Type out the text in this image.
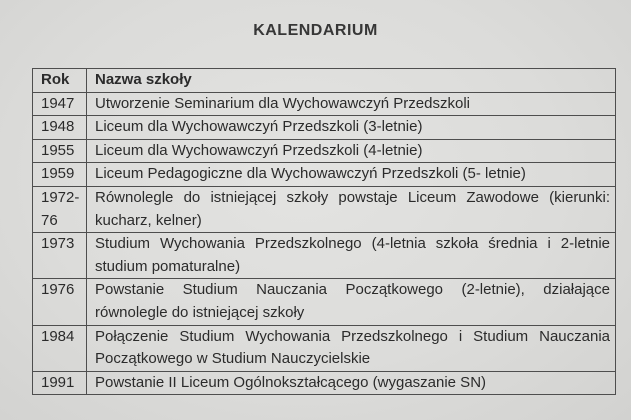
KALENDARIUM
Rok	Nazwa szkoły
1947	Utworzenie Seminarium dla Wychowawczyń Przedszkoli
1948	Liceum dla Wychowawczyń Przedszkoli (3-letnie)
1955	Liceum dla Wychowawczyń Przedszkoli (4-letnie)
1959	Liceum Pedagogiczne dla Wychowawczyń Przedszkoli (5- letnie)
1972-76	Równolegle do istniejącej szkoły powstaje Liceum Zawodowe (kierunki: kucharz, kelner)
1973	Studium Wychowania Przedszkolnego (4-letnia szkoła średnia i 2-letnie studium pomaturalne)
1976	Powstanie Studium Nauczania Początkowego (2-letnie), działające równolegle do istniejącej szkoły
1984	Połączenie Studium Wychowania Przedszkolnego i Studium Nauczania Początkowego w Studium Nauczycielskie
1991	Powstanie II Liceum Ogólnokształcącego (wygaszanie SN)
